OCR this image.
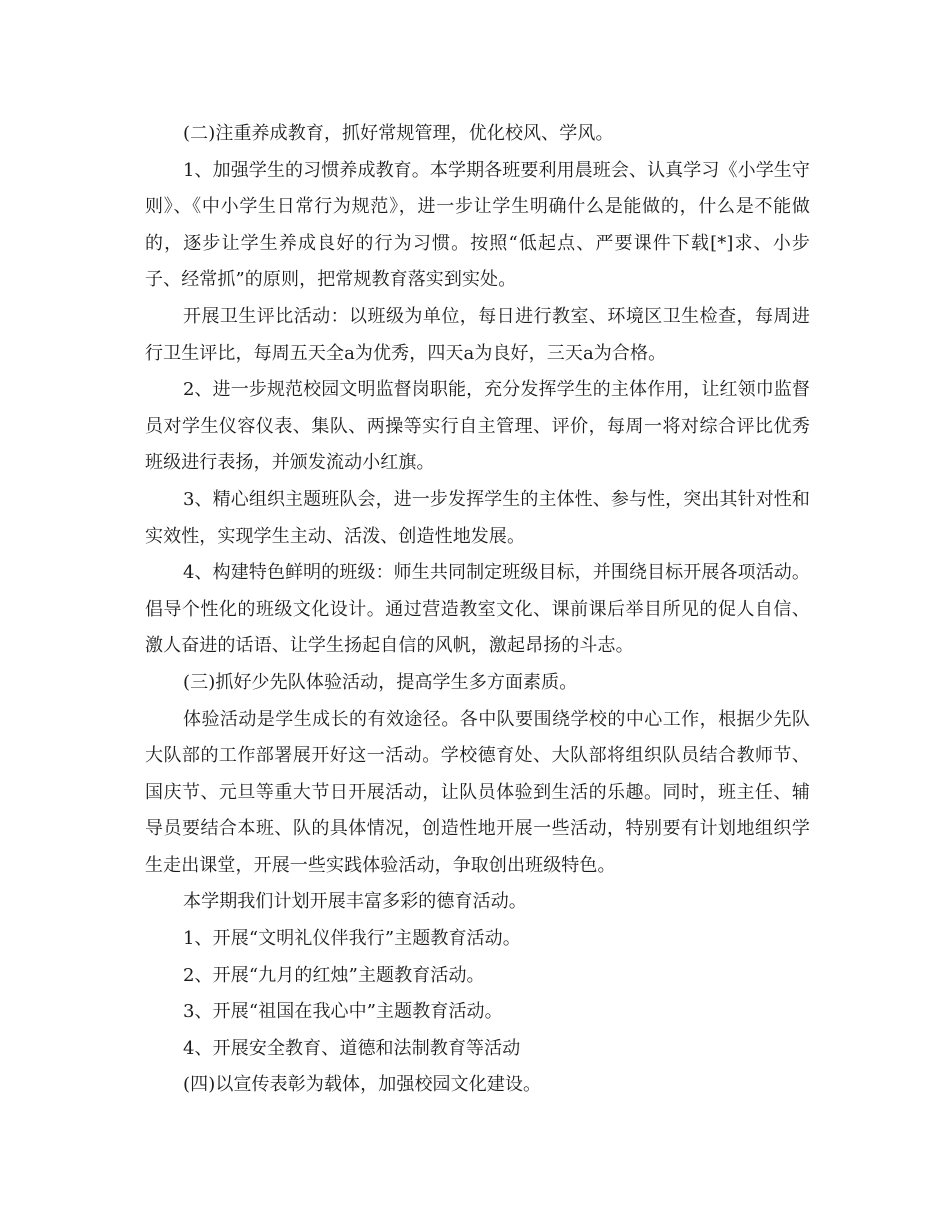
(二)注重养成教育，抓好常规管理，优化校风、学风。

1、加强学生的习惯养成教育。本学期各班要利用晨班会、认真学习《小学生守则》、《中小学生日常行为规范》，进一步让学生明确什么是能做的，什么是不能做的，逐步让学生养成良好的行为习惯。按照“低起点、严要课件下载[*]求、小步子、经常抓”的原则，把常规教育落实到实处。

开展卫生评比活动：以班级为单位，每日进行教室、环境区卫生检查，每周进行卫生评比，每周五天全a为优秀，四天a为良好，三天a为合格。

2、进一步规范校园文明监督岗职能，充分发挥学生的主体作用，让红领巾监督员对学生仪容仪表、集队、两操等实行自主管理、评价，每周一将对综合评比优秀班级进行表扬，并颁发流动小红旗。

3、精心组织主题班队会，进一步发挥学生的主体性、参与性，突出其针对性和实效性，实现学生主动、活泼、创造性地发展。

4、构建特色鲜明的班级：师生共同制定班级目标，并围绕目标开展各项活动。倡导个性化的班级文化设计。通过营造教室文化、课前课后举目所见的促人自信、激人奋进的话语、让学生扬起自信的风帆，激起昂扬的斗志。

(三)抓好少先队体验活动，提高学生多方面素质。

体验活动是学生成长的有效途径。各中队要围绕学校的中心工作，根据少先队大队部的工作部署展开好这一活动。学校德育处、大队部将组织队员结合教师节、国庆节、元旦等重大节日开展活动，让队员体验到生活的乐趣。同时，班主任、辅导员要结合本班、队的具体情况，创造性地开展一些活动，特别要有计划地组织学生走出课堂，开展一些实践体验活动，争取创出班级特色。

本学期我们计划开展丰富多彩的德育活动。

1、开展“文明礼仪伴我行”主题教育活动。

2、开展“九月的红烛”主题教育活动。

3、开展“祖国在我心中”主题教育活动。

4、开展安全教育、道德和法制教育等活动

(四)以宣传表彰为载体，加强校园文化建设。
